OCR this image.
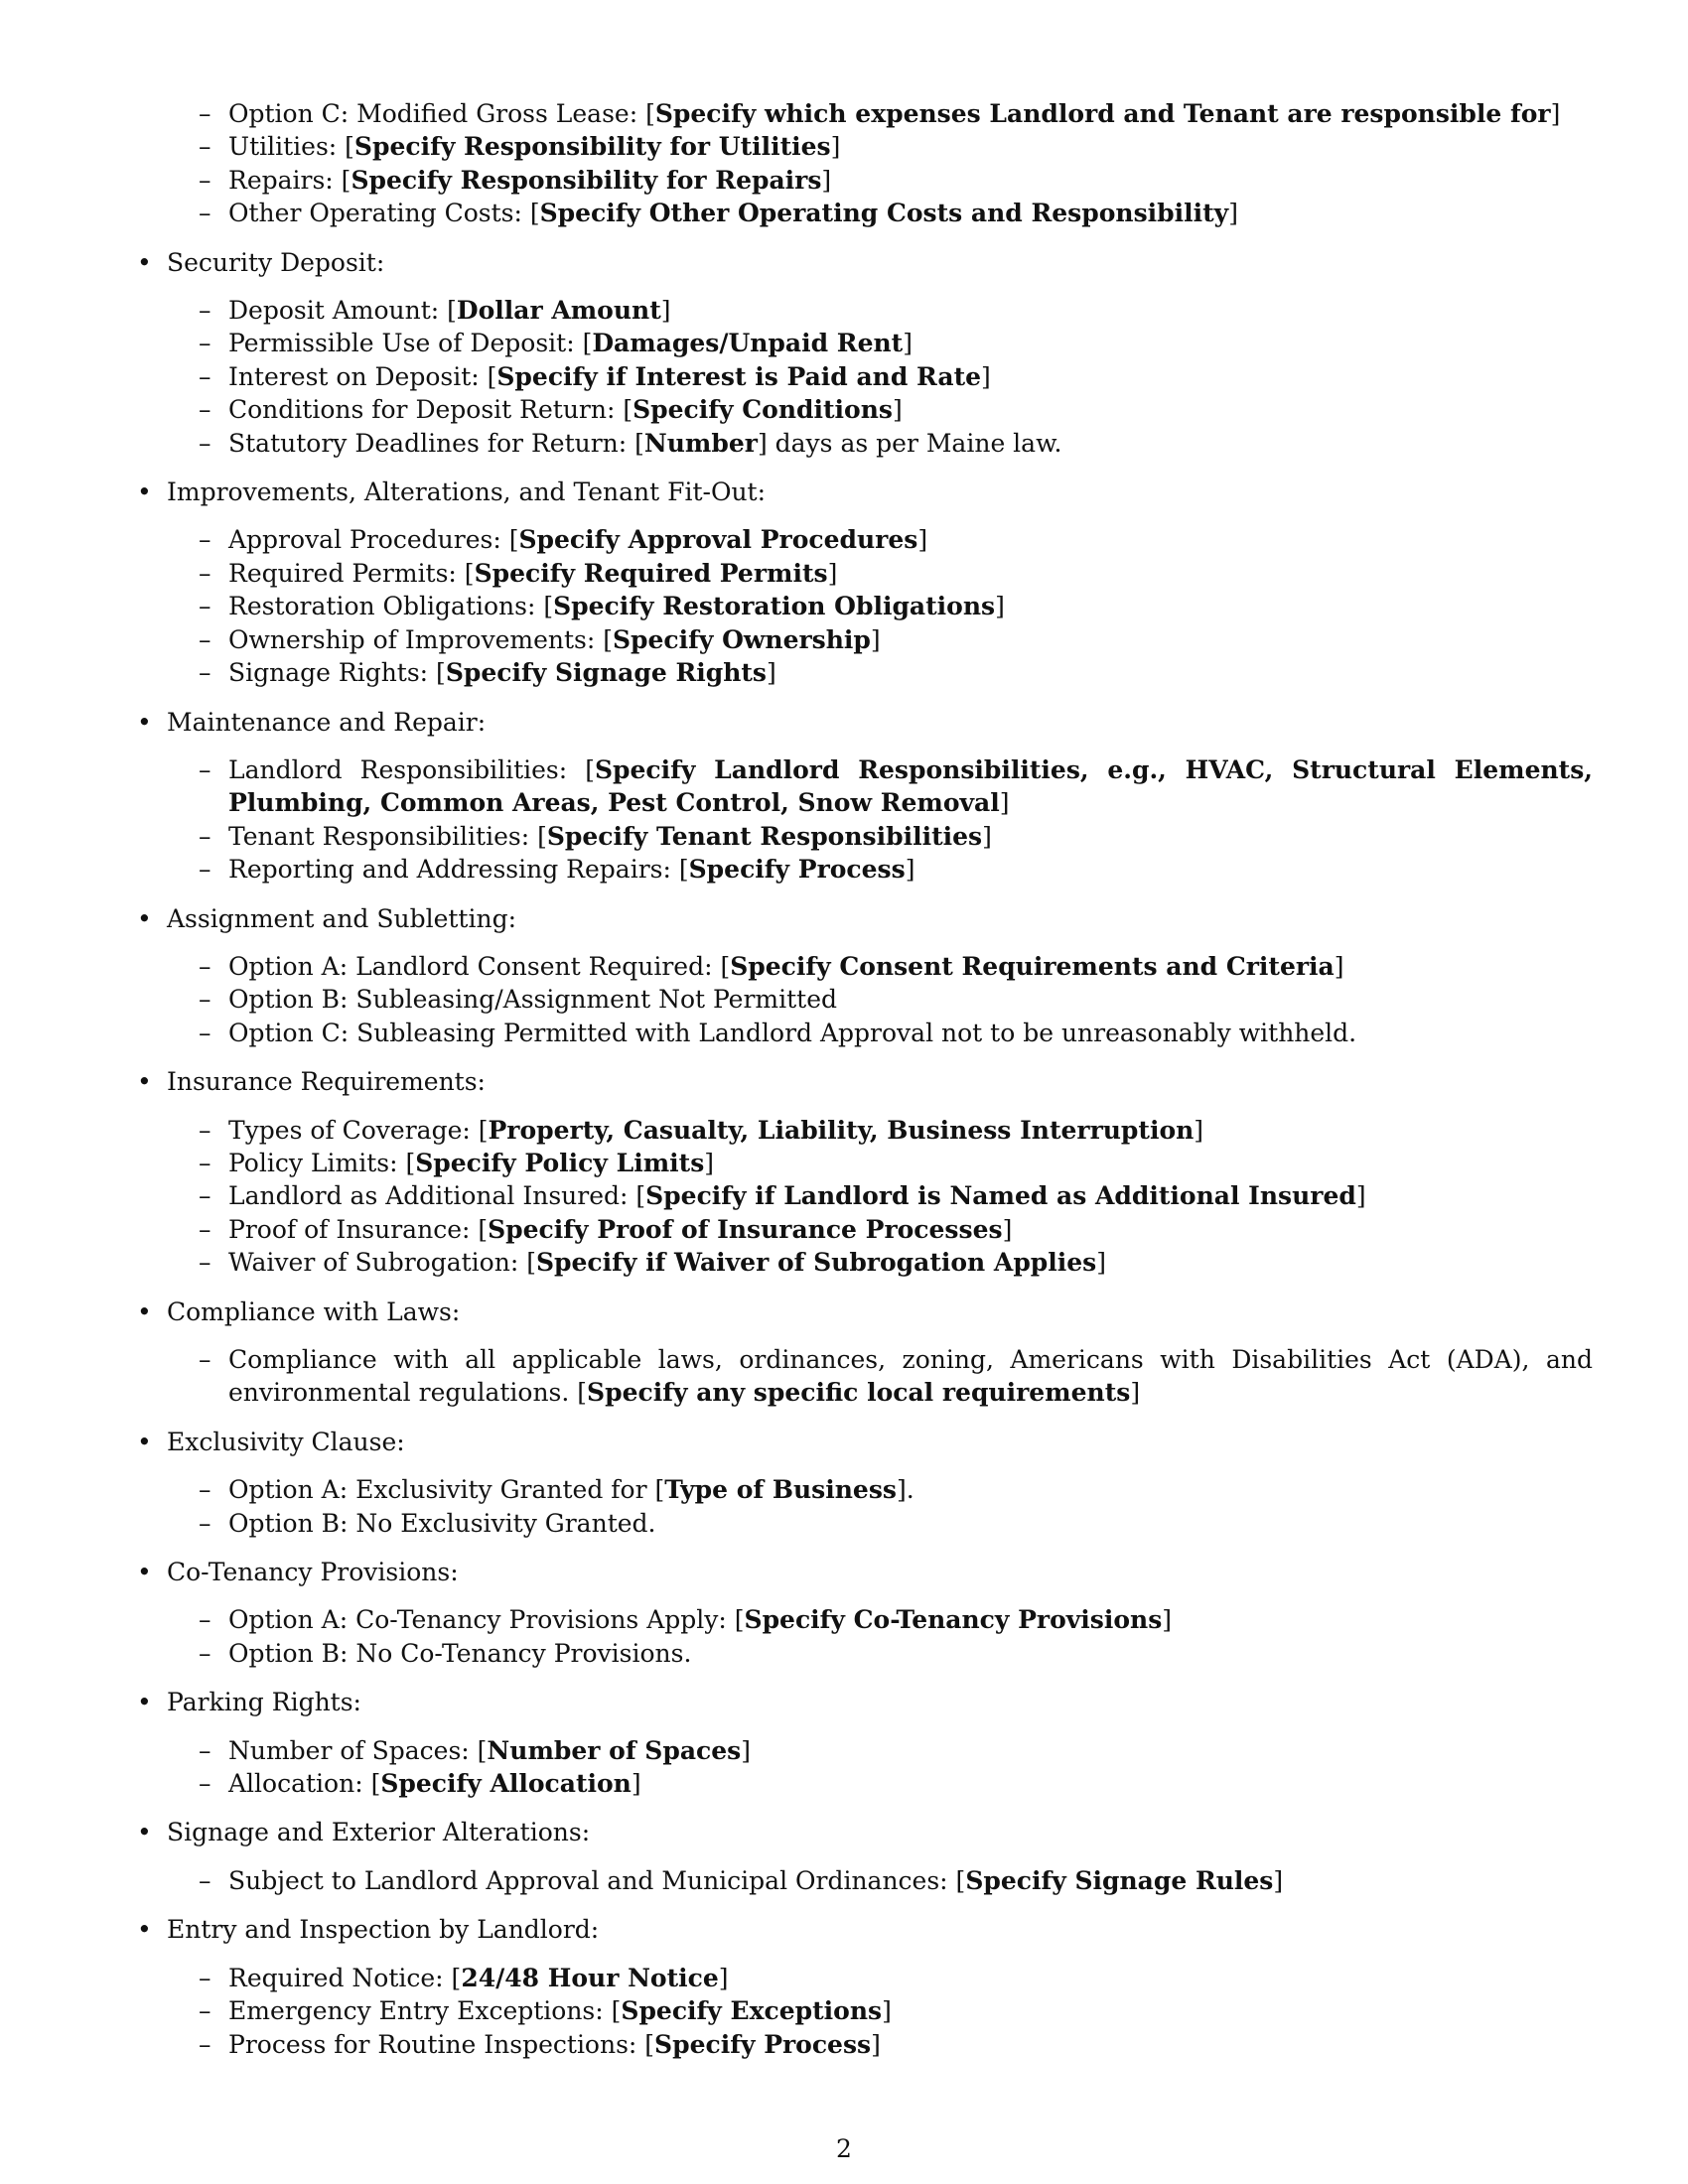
– Option C: Modified Gross Lease: [Specify which expenses Landlord and Tenant are responsible for]
– Utilities: [Specify Responsibility for Utilities]
– Repairs: [Specify Responsibility for Repairs]
– Other Operating Costs: [Specify Other Operating Costs and Responsibility]
• Security Deposit:
– Deposit Amount: [Dollar Amount]
– Permissible Use of Deposit: [Damages/Unpaid Rent]
– Interest on Deposit: [Specify if Interest is Paid and Rate]
– Conditions for Deposit Return: [Specify Conditions]
– Statutory Deadlines for Return: [Number] days as per Maine law.
• Improvements, Alterations, and Tenant Fit-Out:
– Approval Procedures: [Specify Approval Procedures]
– Required Permits: [Specify Required Permits]
– Restoration Obligations: [Specify Restoration Obligations]
– Ownership of Improvements: [Specify Ownership]
– Signage Rights: [Specify Signage Rights]
• Maintenance and Repair:
– Landlord Responsibilities: [Specify Landlord Responsibilities, e.g., HVAC, Structural Elements, Plumbing, Common Areas, Pest Control, Snow Removal]
– Tenant Responsibilities: [Specify Tenant Responsibilities]
– Reporting and Addressing Repairs: [Specify Process]
• Assignment and Subletting:
– Option A: Landlord Consent Required: [Specify Consent Requirements and Criteria]
– Option B: Subleasing/Assignment Not Permitted
– Option C: Subleasing Permitted with Landlord Approval not to be unreasonably withheld.
• Insurance Requirements:
– Types of Coverage: [Property, Casualty, Liability, Business Interruption]
– Policy Limits: [Specify Policy Limits]
– Landlord as Additional Insured: [Specify if Landlord is Named as Additional Insured]
– Proof of Insurance: [Specify Proof of Insurance Processes]
– Waiver of Subrogation: [Specify if Waiver of Subrogation Applies]
• Compliance with Laws:
– Compliance with all applicable laws, ordinances, zoning, Americans with Disabilities Act (ADA), and environmental regulations. [Specify any specific local requirements]
• Exclusivity Clause:
– Option A: Exclusivity Granted for [Type of Business].
– Option B: No Exclusivity Granted.
• Co-Tenancy Provisions:
– Option A: Co-Tenancy Provisions Apply: [Specify Co-Tenancy Provisions]
– Option B: No Co-Tenancy Provisions.
• Parking Rights:
– Number of Spaces: [Number of Spaces]
– Allocation: [Specify Allocation]
• Signage and Exterior Alterations:
– Subject to Landlord Approval and Municipal Ordinances: [Specify Signage Rules]
• Entry and Inspection by Landlord:
– Required Notice: [24/48 Hour Notice]
– Emergency Entry Exceptions: [Specify Exceptions]
– Process for Routine Inspections: [Specify Process]
2
